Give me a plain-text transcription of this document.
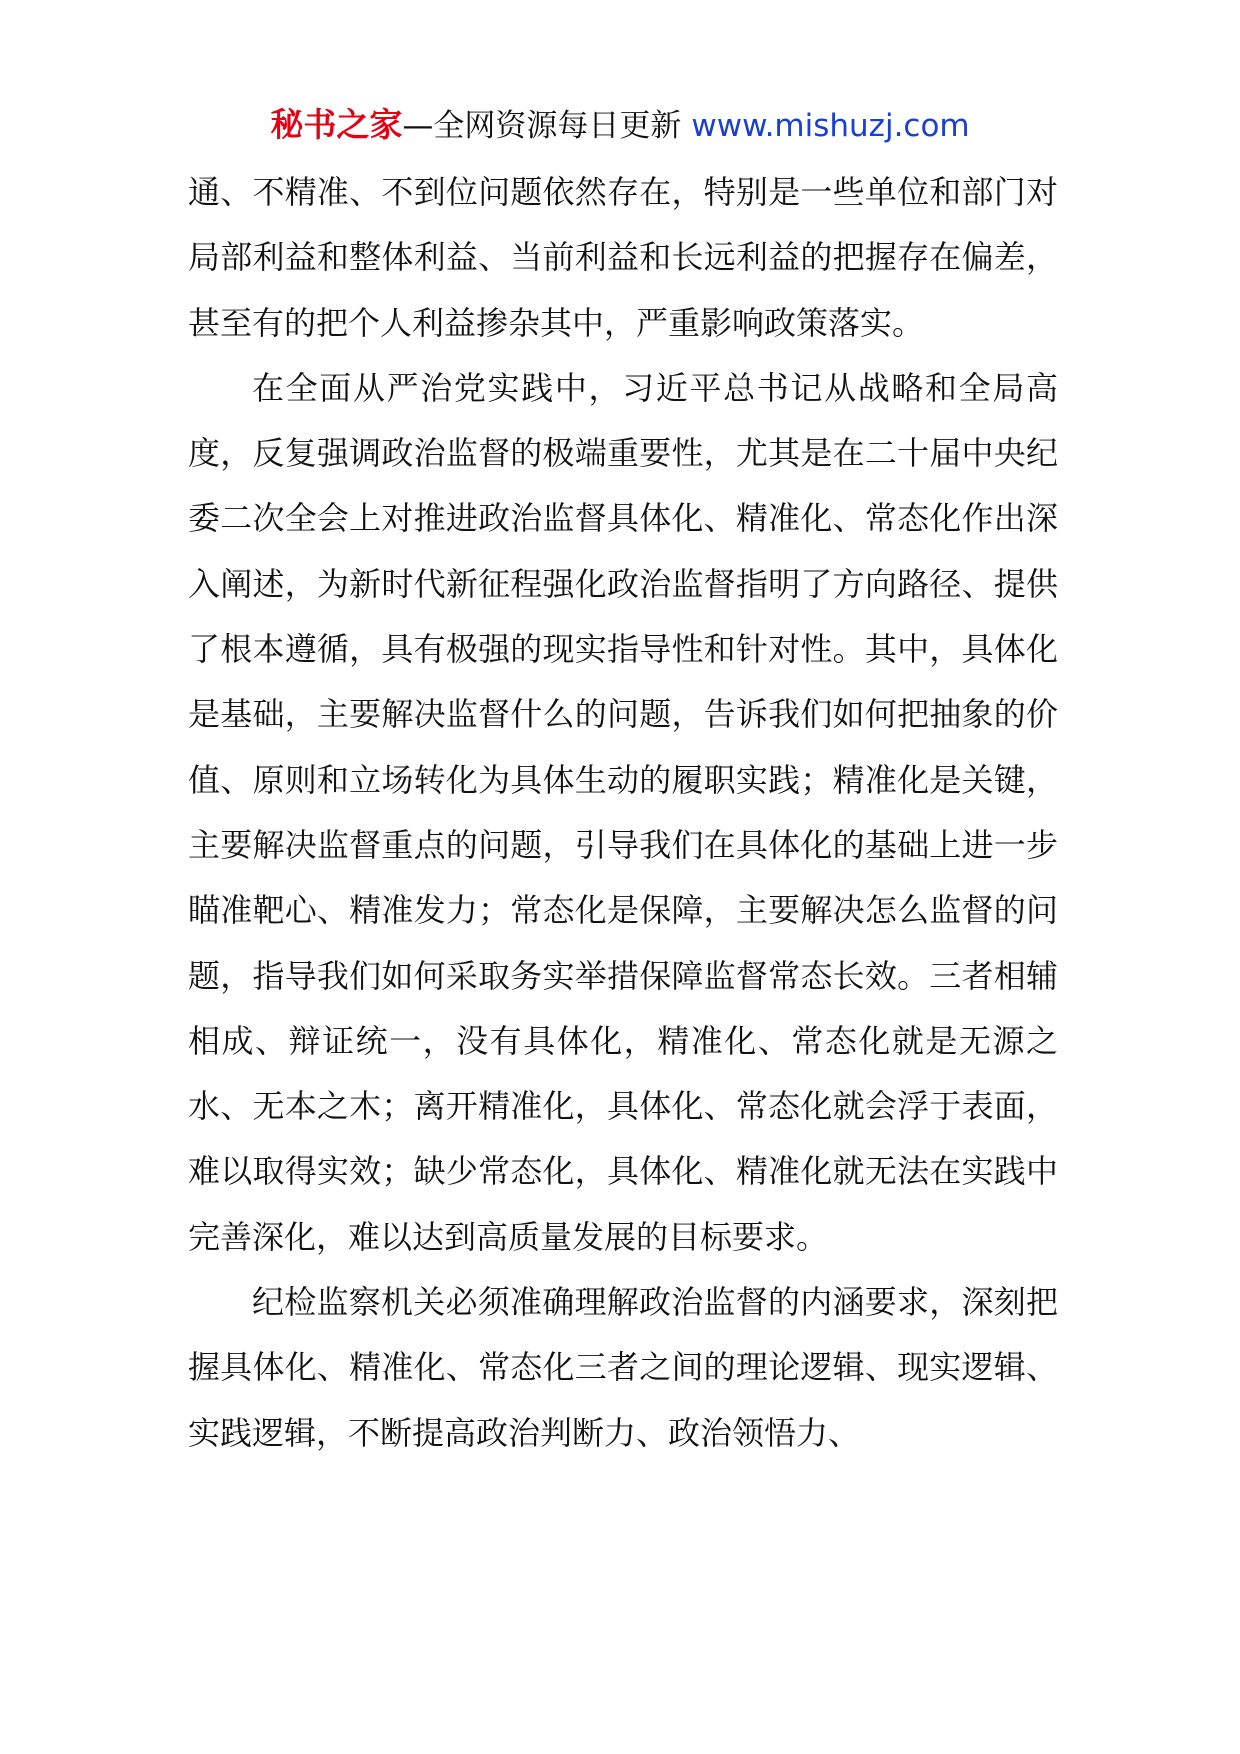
秘书之家—全网资源每日更新 www.mishuzj.com

通、不精准、不到位问题依然存在，特别是一些单位和部门对局部利益和整体利益、当前利益和长远利益的把握存在偏差，甚至有的把个人利益掺杂其中，严重影响政策落实。

在全面从严治党实践中，习近平总书记从战略和全局高度，反复强调政治监督的极端重要性，尤其是在二十届中央纪委二次全会上对推进政治监督具体化、精准化、常态化作出深入阐述，为新时代新征程强化政治监督指明了方向路径、提供了根本遵循，具有极强的现实指导性和针对性。其中，具体化是基础，主要解决监督什么的问题，告诉我们如何把抽象的价值、原则和立场转化为具体生动的履职实践；精准化是关键，主要解决监督重点的问题，引导我们在具体化的基础上进一步瞄准靶心、精准发力；常态化是保障，主要解决怎么监督的问题，指导我们如何采取务实举措保障监督常态长效。三者相辅相成、辩证统一，没有具体化，精准化、常态化就是无源之水、无本之木；离开精准化，具体化、常态化就会浮于表面，难以取得实效；缺少常态化，具体化、精准化就无法在实践中完善深化，难以达到高质量发展的目标要求。

纪检监察机关必须准确理解政治监督的内涵要求，深刻把握具体化、精准化、常态化三者之间的理论逻辑、现实逻辑、实践逻辑，不断提高政治判断力、政治领悟力、
